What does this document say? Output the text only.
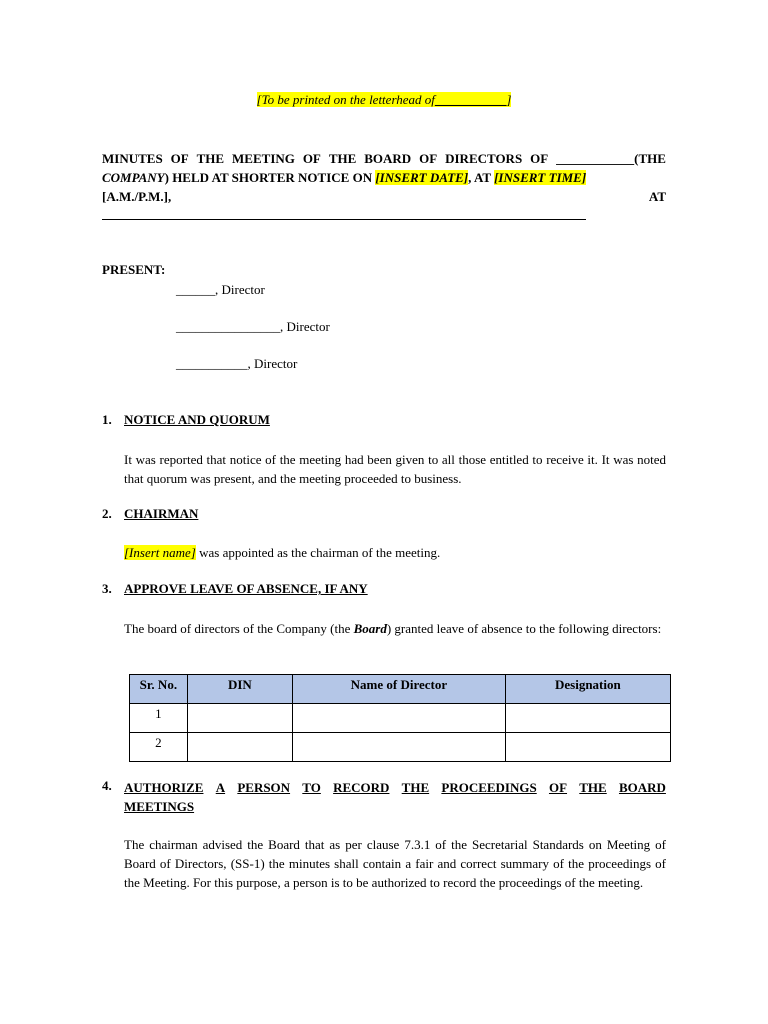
[To be printed on the letterhead of___________]
MINUTES OF THE MEETING OF THE BOARD OF DIRECTORS OF ____________(THE
COMPANY) HELD AT SHORTER NOTICE ON [INSERT DATE], AT [INSERT TIME]
[A.M./P.M.],	AT
PRESENT:
______, Director
________________, Director
___________, Director
1. NOTICE AND QUORUM
It was reported that notice of the meeting had been given to all those entitled to receive it. It was noted that quorum was present, and the meeting proceeded to business.
2. CHAIRMAN
[Insert name] was appointed as the chairman of the meeting.
3. APPROVE LEAVE OF ABSENCE, IF ANY
The board of directors of the Company (the Board) granted leave of absence to the following directors:
Sr. No.	DIN	Name of Director	Designation
1			
2			
4. AUTHORIZE A PERSON TO RECORD THE PROCEEDINGS OF THE BOARD
MEETINGS
The chairman advised the Board that as per clause 7.3.1 of the Secretarial Standards on Meeting of Board of Directors, (SS-1) the minutes shall contain a fair and correct summary of the proceedings of the Meeting. For this purpose, a person is to be authorized to record the proceedings of the meeting.
